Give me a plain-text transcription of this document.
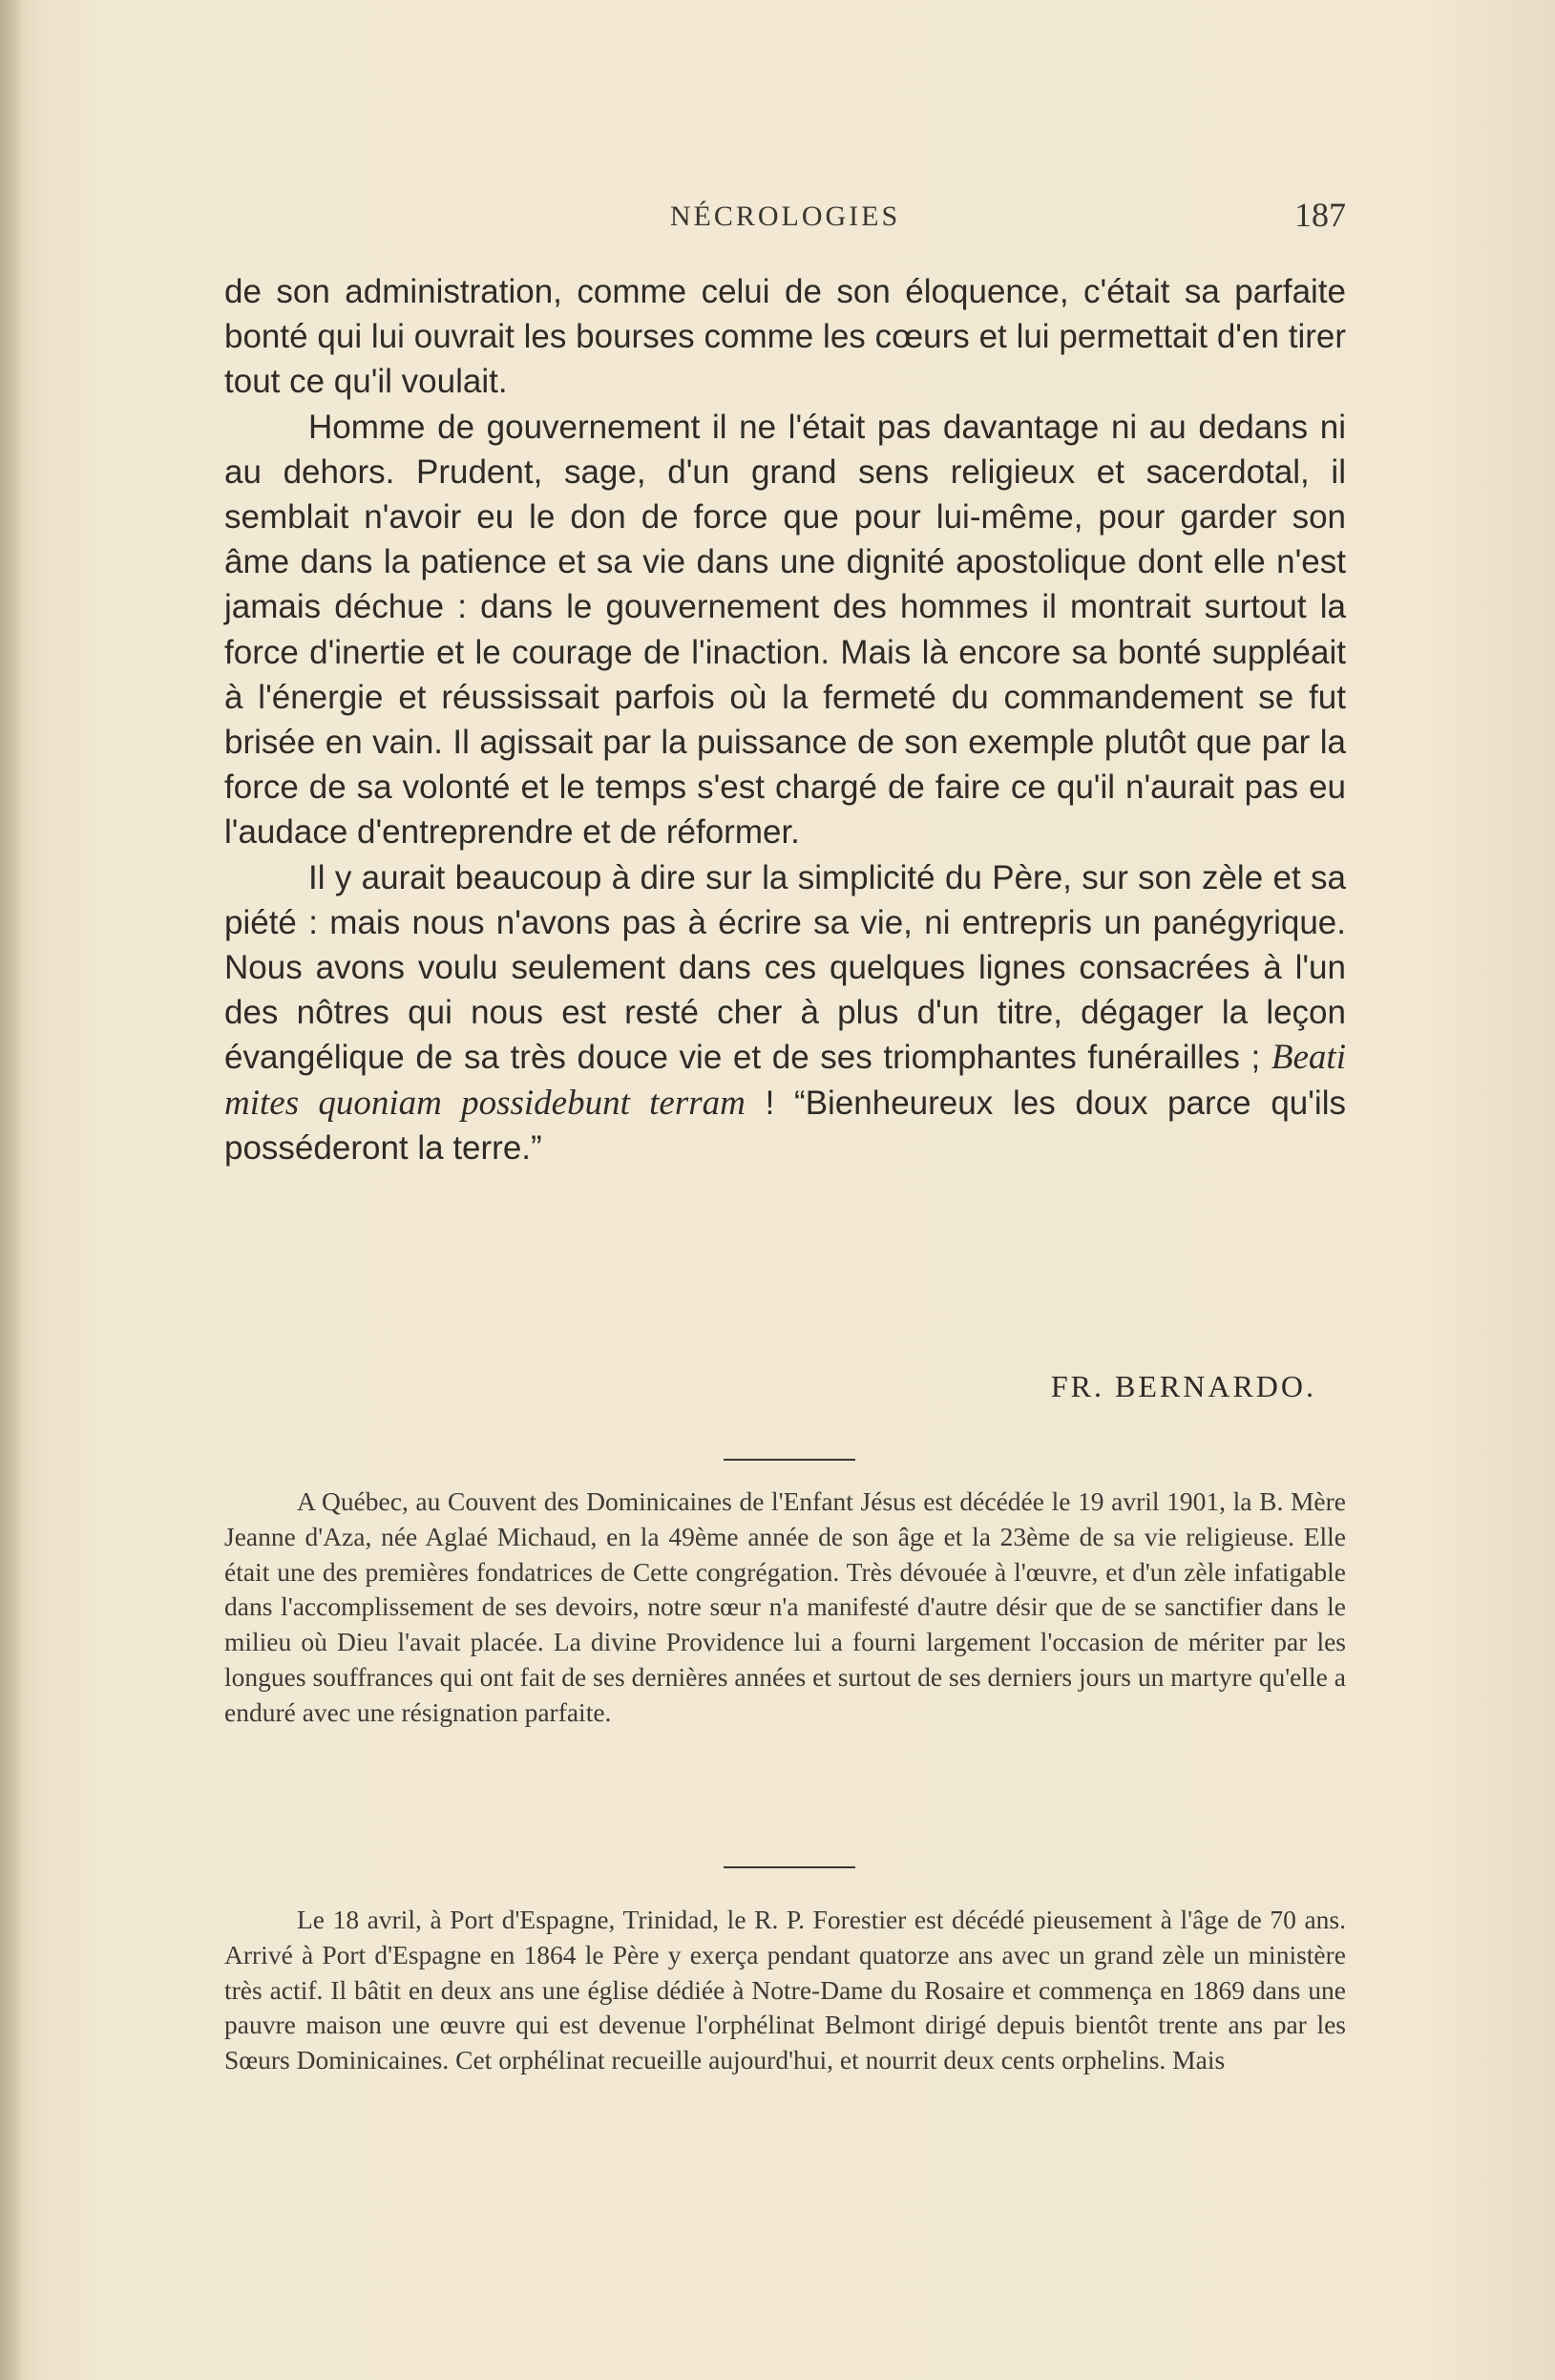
NÉCROLOGIES	187

de son administration, comme celui de son éloquence, c'était sa parfaite bonté qui lui ouvrait les bourses comme les cœurs et lui permettait d'en tirer tout ce qu'il voulait.

Homme de gouvernement il ne l'était pas davantage ni au dedans ni au dehors. Prudent, sage, d'un grand sens religieux et sacerdotal, il semblait n'avoir eu le don de force que pour lui-même, pour garder son âme dans la patience et sa vie dans une dignité apostolique dont elle n'est jamais déchue : dans le gouvernement des hommes il montrait surtout la force d'inertie et le courage de l'inaction. Mais là encore sa bonté suppléait à l'énergie et réussissait parfois où la fermeté du commandement se fut brisée en vain. Il agissait par la puissance de son exemple plutôt que par la force de sa volonté et le temps s'est chargé de faire ce qu'il n'aurait pas eu l'audace d'entreprendre et de réformer.

Il y aurait beaucoup à dire sur la simplicité du Père, sur son zèle et sa piété : mais nous n'avons pas à écrire sa vie, ni entrepris un panégyrique. Nous avons voulu seulement dans ces quelques lignes consacrées à l'un des nôtres qui nous est resté cher à plus d'un titre, dégager la leçon évangélique de sa très douce vie et de ses triomphantes funérailles ; Beati mites quoniam possidebunt terram ! “Bienheureux les doux parce qu'ils posséderont la terre.”

FR. BERNARDO.

A Québec, au Couvent des Dominicaines de l'Enfant Jésus est décédée le 19 avril 1901, la B. Mère Jeanne d'Aza, née Aglaé Michaud, en la 49ème année de son âge et la 23ème de sa vie religieuse. Elle était une des premières fondatrices de Cette congrégation. Très dévouée à l'œuvre, et d'un zèle infatigable dans l'accomplissement de ses devoirs, notre sœur n'a manifesté d'autre désir que de se sanctifier dans le milieu où Dieu l'avait placée. La divine Providence lui a fourni largement l'occasion de mériter par les longues souffrances qui ont fait de ses dernières années et surtout de ses derniers jours un martyre qu'elle a enduré avec une résignation parfaite.

Le 18 avril, à Port d'Espagne, Trinidad, le R. P. Forestier est décédé pieusement à l'âge de 70 ans. Arrivé à Port d'Espagne en 1864 le Père y exerça pendant quatorze ans avec un grand zèle un ministère très actif. Il bâtit en deux ans une église dédiée à Notre-Dame du Rosaire et commença en 1869 dans une pauvre maison une œuvre qui est devenue l'orphélinat Belmont dirigé depuis bientôt trente ans par les Sœurs Dominicaines. Cet orphélinat recueille aujourd'hui, et nourrit deux cents orphelins. Mais
